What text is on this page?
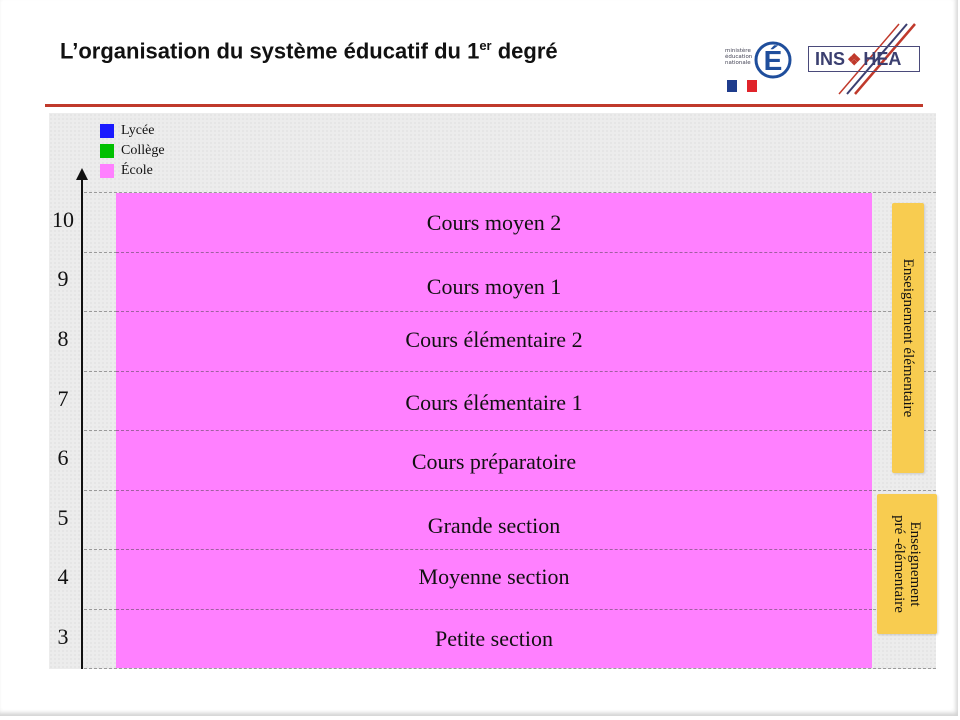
L’organisation du système éducatif du 1er degré	ministère éducation nationale É INS ❖ HEA
Lycée
Collège
École
10
9
8
7
6
5
4
3
Cours moyen 2
Cours moyen 1
Cours élémentaire 2
Cours élémentaire 1
Cours préparatoire
Grande section
Moyenne section
Petite section
Enseignement élémentaire
Enseignement
pré -élémentaire
